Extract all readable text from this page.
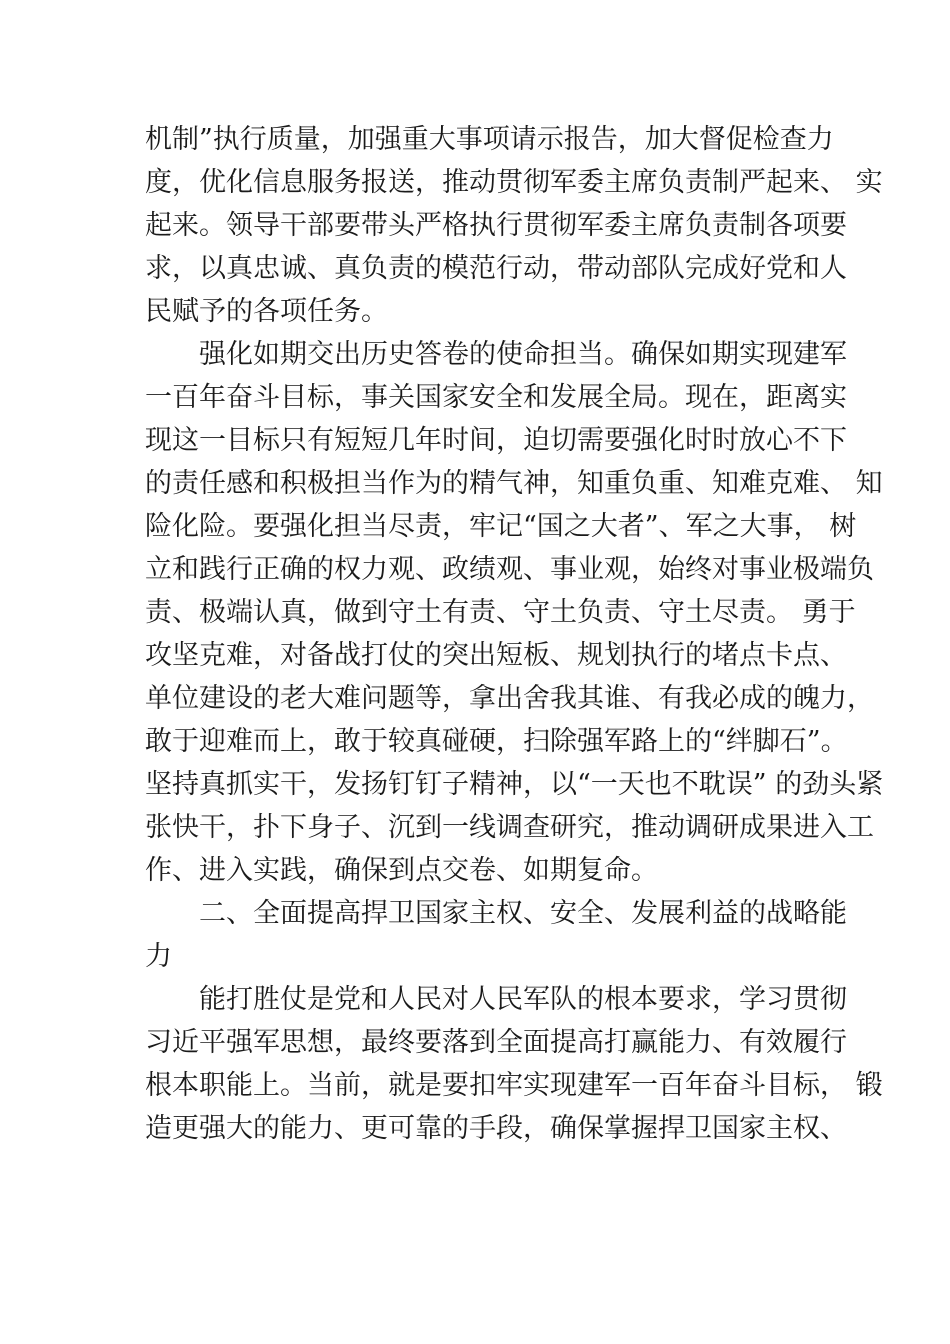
机制”执行质量，加强重大事项请示报告，加大督促检查力
度，优化信息服务报送，推动贯彻军委主席负责制严起来、 实
起来。领导干部要带头严格执行贯彻军委主席负责制各项要
求，以真忠诚、真负责的模范行动，带动部队完成好党和人
民赋予的各项任务。
强化如期交出历史答卷的使命担当。确保如期实现建军
一百年奋斗目标，事关国家安全和发展全局。现在，距离实
现这一目标只有短短几年时间，迫切需要强化时时放心不下
的责任感和积极担当作为的精气神，知重负重、知难克难、 知
险化险。要强化担当尽责，牢记“国之大者”、军之大事， 树
立和践行正确的权力观、政绩观、事业观，始终对事业极端负
责、极端认真，做到守土有责、守土负责、守土尽责。 勇于
攻坚克难，对备战打仗的突出短板、规划执行的堵点卡点、
单位建设的老大难问题等，拿出舍我其谁、有我必成的魄力，
敢于迎难而上，敢于较真碰硬，扫除强军路上的“绊脚石”。
坚持真抓实干，发扬钉钉子精神，以“一天也不耽误” 的劲头紧
张快干，扑下身子、沉到一线调查研究，推动调研成果进入工
作、进入实践，确保到点交卷、如期复命。
二、全面提高捍卫国家主权、安全、发展利益的战略能
力
能打胜仗是党和人民对人民军队的根本要求，学习贯彻
习近平强军思想，最终要落到全面提高打赢能力、有效履行
根本职能上。当前，就是要扣牢实现建军一百年奋斗目标， 锻
造更强大的能力、更可靠的手段，确保掌握捍卫国家主权、
